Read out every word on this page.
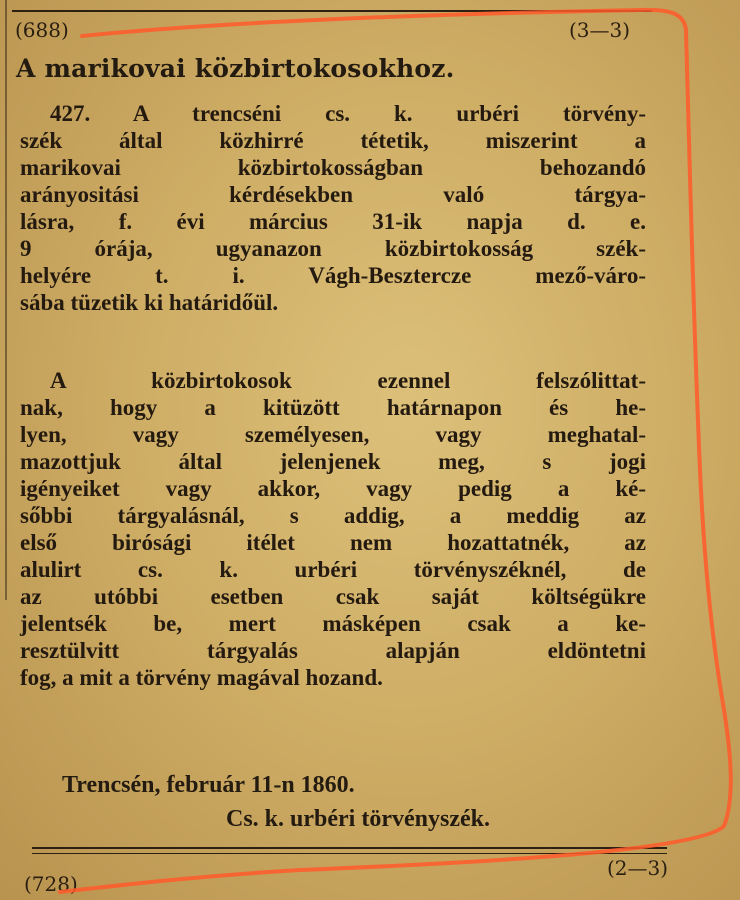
(688)	(3—3)
A marikovai közbirtokosokhoz.
427. A trencséni cs. k. urbéri törvény-
szék által közhirré tétetik, miszerint a
marikovai közbirtokosságban behozandó
arányositási kérdésekben való tárgya-
lásra, f. évi március 31-ik napja d. e.
9 órája, ugyanazon közbirtokosság szék-
helyére t. i. Vágh-Beszterczе mező-váro-
sába tüzetik ki határidőül.
A közbirtokosok ezennel felszólittat-
nak, hogy a kitüzött határnapon és he-
lyen, vagy személyesen, vagy meghatal-
mazottjuk által jelenjenek meg, s jogi
igényeiket vagy akkor, vagy pedig a ké-
sőbbi tárgyalásnál, s addig, a meddig az
első birósági itélet nem hozattatnék, az
alulirt cs. k. urbéri törvényszéknél, de
az utóbbi esetben csak saját költségükre
jelentsék be, mert másképen csak a ke-
resztülvitt tárgyalás alapján eldöntetni
fog, a mit a törvény magával hozand.
Trencsén, február 11-n 1860.
Cs. k. urbéri törvényszék.
(728)
(2—3)
